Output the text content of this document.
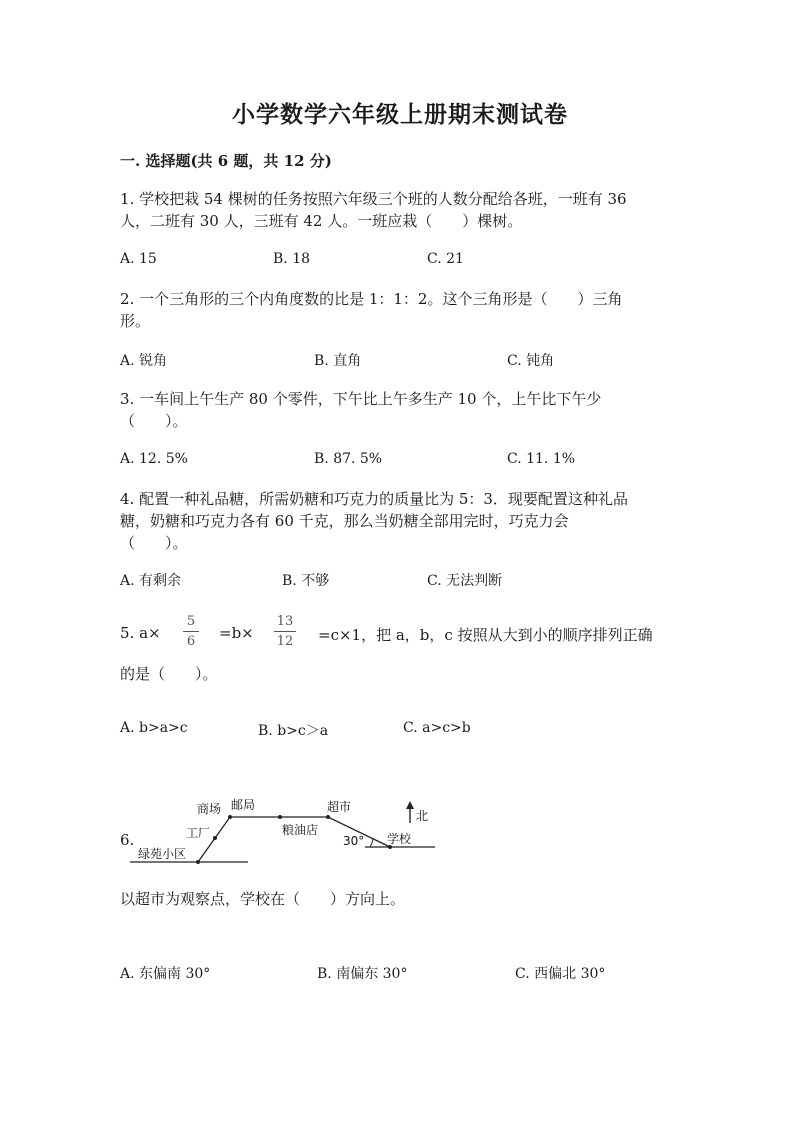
小学数学六年级上册期末测试卷
一. 选择题(共 6 题，共 12 分)
1. 学校把栽 54 棵树的任务按照六年级三个班的人数分配给各班，一班有 36
人，二班有 30 人，三班有 42 人。一班应栽（　　）棵树。
A. 15	B. 18	C. 21
2. 一个三角形的三个内角度数的比是 1：1：2。这个三角形是（　　）三角
形。
A. 锐角	B. 直角	C. 钝角
3. 一车间上午生产 80 个零件，下午比上午多生产 10 个，上午比下午少
（　　）。
A. 12. 5%	B. 87. 5%	C. 11. 1%
4. 配置一种礼品糖，所需奶糖和巧克力的质量比为 5：3．现要配置这种礼品
糖，奶糖和巧克力各有 60 千克，那么当奶糖全部用完时，巧克力会
（　　）。
A. 有剩余	B. 不够	C. 无法判断
5. a×
5
6 =b×
13
12 =c×1，把 a，b，c 按照从大到小的顺序排列正确
的是（　　）。
A. b>a>c	B. b>c＞a	C. a>c>b
6.
商场 邮局	超市
北
工厂	粮油店
30° 学校
绿苑小区
以超市为观察点，学校在（　　）方向上。
A. 东偏南 30°	B. 南偏东 30°	C. 西偏北 30°
